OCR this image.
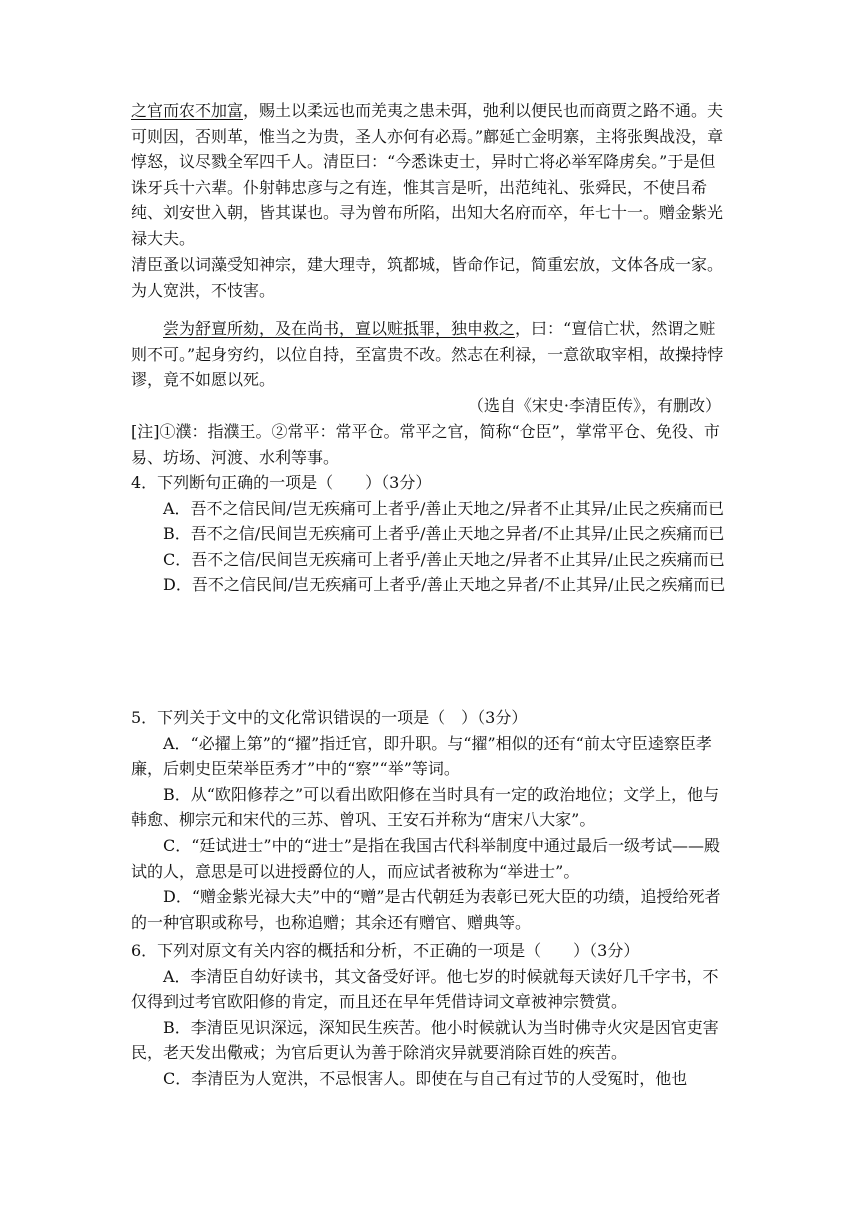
之官而农不加富，赐土以柔远也而羌夷之患未弭，弛利以便民也而商贾之路不通。夫可则因，否则革，惟当之为贵，圣人亦何有必焉。”鄜延亡金明寨，主将张舆战没，章惇怒，议尽戮全军四千人。清臣曰：“今悉诛吏士，异时亡将必举军降虏矣。”于是但诛牙兵十六辈。仆射韩忠彦与之有连，惟其言是听，出范纯礼、张舜民，不使吕希纯、刘安世入朝，皆其谋也。寻为曾布所陷，出知大名府而卒，年七十一。赠金紫光禄大夫。
清臣蚤以词藻受知神宗，建大理寺，筑都城，皆命作记，简重宏放，文体各成一家。为人宽洪，不忮害。
尝为舒亶所劾，及在尚书，亶以赃抵罪，独申救之，曰：“亶信亡状，然谓之赃则不可。”起身穷约，以位自持，至富贵不改。然志在利禄，一意欲取宰相，故操持悖谬，竟不如愿以死。
（选自《宋史·李清臣传》，有删改）
[注]①濮：指濮王。②常平：常平仓。常平之官，简称“仓臣”，掌常平仓、免役、市易、坊场、河渡、水利等事。
4．下列断句正确的一项是（　　）（3分）
A．吾不之信民间/岂无疾痛可上者乎/善止天地之/异者不止其异/止民之疾痛而已
B．吾不之信/民间岂无疾痛可上者乎/善止天地之异者/不止其异/止民之疾痛而已
C．吾不之信/民间岂无疾痛可上者乎/善止天地之/异者不止其异/止民之疾痛而已
D．吾不之信民间/岂无疾痛可上者乎/善止天地之异者/不止其异/止民之疾痛而已
5．下列关于文中的文化常识错误的一项是（　）（3分）
A．“必擢上第”的“擢”指迁官，即升职。与“擢”相似的还有“前太守臣逵察臣孝廉，后刺史臣荣举臣秀才”中的“察”“举”等词。
B．从“欧阳修荐之”可以看出欧阳修在当时具有一定的政治地位；文学上，他与韩愈、柳宗元和宋代的三苏、曾巩、王安石并称为“唐宋八大家”。
C．“廷试进士”中的“进士”是指在我国古代科举制度中通过最后一级考试——殿试的人，意思是可以进授爵位的人，而应试者被称为“举进士”。
D．“赠金紫光禄大夫”中的“赠”是古代朝廷为表彰已死大臣的功绩，追授给死者的一种官职或称号，也称追赠；其余还有赠官、赠典等。
6．下列对原文有关内容的概括和分析，不正确的一项是（　　）（3分）
A．李清臣自幼好读书，其文备受好评。他七岁的时候就每天读好几千字书，不仅得到过考官欧阳修的肯定，而且还在早年凭借诗词文章被神宗赞赏。
B．李清臣见识深远，深知民生疾苦。他小时候就认为当时佛寺火灾是因官吏害民，老天发出儆戒；为官后更认为善于除消灾异就要消除百姓的疾苦。
C．李清臣为人宽洪，不忌恨害人。即使在与自己有过节的人受冤时，他也
